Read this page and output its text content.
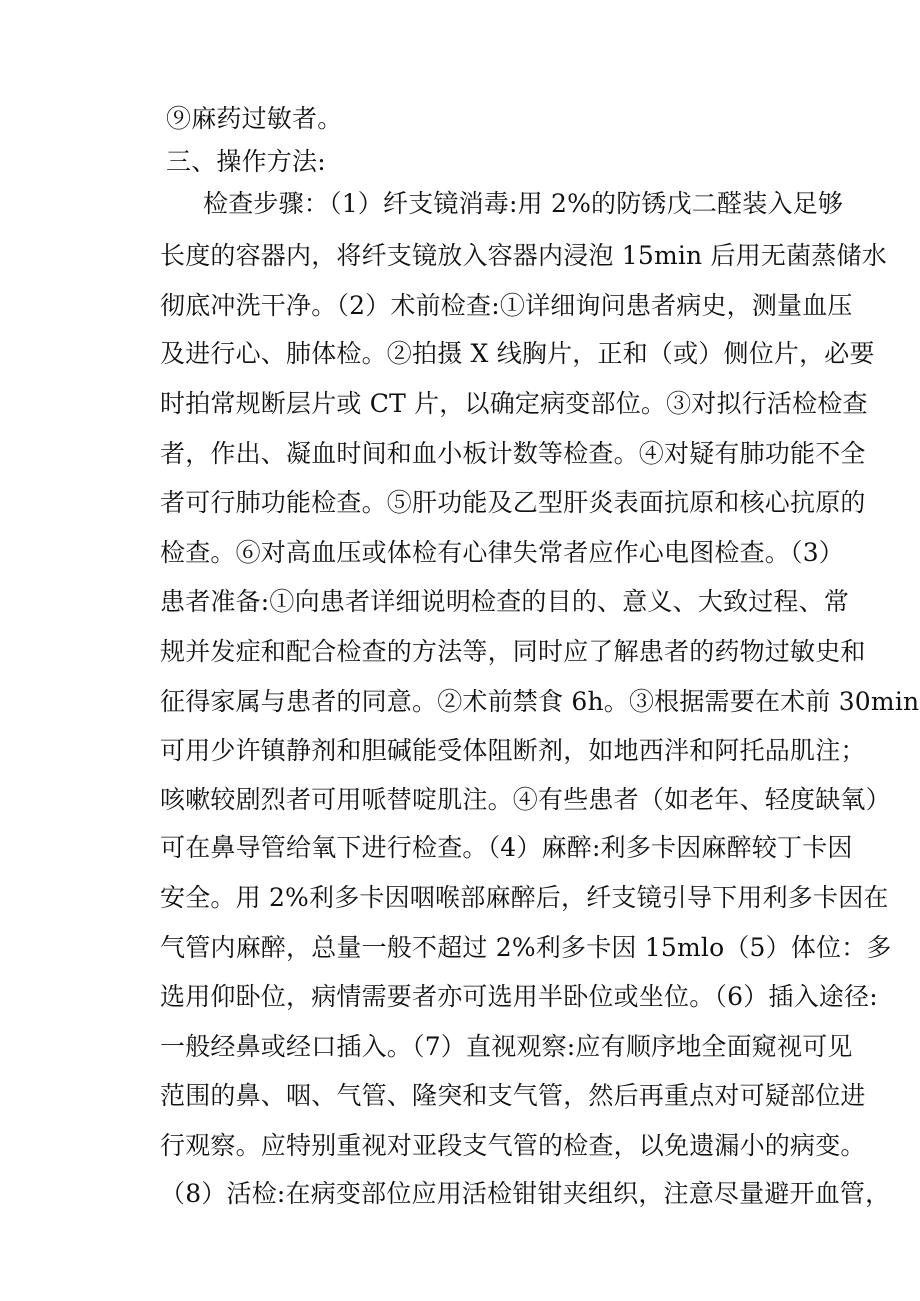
⑨麻药过敏者。
三、操作方法:
检查步骤：（1）纤支镜消毒:用 2%的防锈戊二醛装入足够
长度的容器内，将纤支镜放入容器内浸泡 15min 后用无菌蒸储水
彻底冲洗干净。（2）术前检查:①详细询问患者病史，测量血压
及进行心、肺体检。②拍摄 X 线胸片，正和（或）侧位片，必要
时拍常规断层片或 CT 片，以确定病变部位。③对拟行活检检查
者，作出、凝血时间和血小板计数等检查。④对疑有肺功能不全
者可行肺功能检查。⑤肝功能及乙型肝炎表面抗原和核心抗原的
检查。⑥对高血压或体检有心律失常者应作心电图检查。（3）
患者准备:①向患者详细说明检查的目的、意义、大致过程、常
规并发症和配合检查的方法等，同时应了解患者的药物过敏史和
征得家属与患者的同意。②术前禁食 6h。③根据需要在术前 30min
可用少许镇静剂和胆碱能受体阻断剂，如地西泮和阿托品肌注；
咳嗽较剧烈者可用哌替啶肌注。④有些患者（如老年、轻度缺氧）
可在鼻导管给氧下进行检查。（4）麻醉:利多卡因麻醉较丁卡因
安全。用 2%利多卡因咽喉部麻醉后，纤支镜引导下用利多卡因在
气管内麻醉，总量一般不超过 2%利多卡因 15mlo（5）体位：多
选用仰卧位，病情需要者亦可选用半卧位或坐位。（6）插入途径:
一般经鼻或经口插入。（7）直视观察:应有顺序地全面窥视可见
范围的鼻、咽、气管、隆突和支气管，然后再重点对可疑部位进
行观察。应特别重视对亚段支气管的检查，以免遗漏小的病变。
（8）活检:在病变部位应用活检钳钳夹组织，注意尽量避开血管，
